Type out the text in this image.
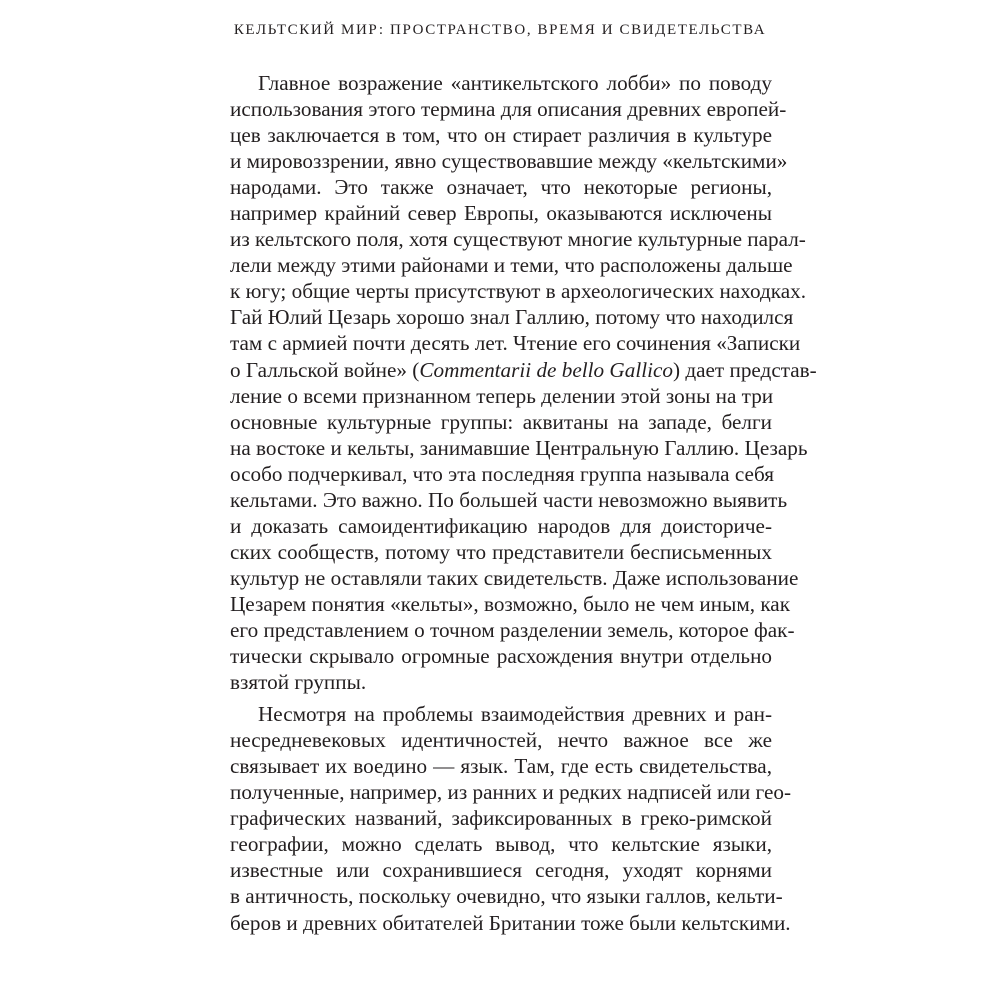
КЕЛЬТСКИЙ МИР: ПРОСТРАНСТВО, ВРЕМЯ И СВИДЕТЕЛЬСТВА
Главное возражение «антикельтского лобби» по поводу
использования этого термина для описания древних европей-
цев заключается в том, что он стирает различия в культуре
и мировоззрении, явно существовавшие между «кельтскими»
народами. Это также означает, что некоторые регионы,
например крайний север Европы, оказываются исключены
из кельтского поля, хотя существуют многие культурные парал-
лели между этими районами и теми, что расположены дальше
к югу; общие черты присутствуют в археологических находках.
Гай Юлий Цезарь хорошо знал Галлию, потому что находился
там с армией почти десять лет. Чтение его сочинения «Записки
о Галльской войне» (Commentarii de bello Gallico) дает представ-
ление о всеми признанном теперь делении этой зоны на три
основные культурные группы: аквитаны на западе, белги
на востоке и кельты, занимавшие Центральную Галлию. Цезарь
особо подчеркивал, что эта последняя группа называла себя
кельтами. Это важно. По большей части невозможно выявить
и доказать самоидентификацию народов для доисториче-
ских сообществ, потому что представители бесписьменных
культур не оставляли таких свидетельств. Даже использование
Цезарем понятия «кельты», возможно, было не чем иным, как
его представлением о точном разделении земель, которое фак-
тически скрывало огромные расхождения внутри отдельно
взятой группы.
Несмотря на проблемы взаимодействия древних и ран-
несредневековых идентичностей, нечто важное все же
связывает их воедино — язык. Там, где есть свидетельства,
полученные, например, из ранних и редких надписей или гео-
графических названий, зафиксированных в греко-римской
географии, можно сделать вывод, что кельтские языки,
известные или сохранившиеся сегодня, уходят корнями
в античность, поскольку очевидно, что языки галлов, кельти-
беров и древних обитателей Британии тоже были кельтскими.
